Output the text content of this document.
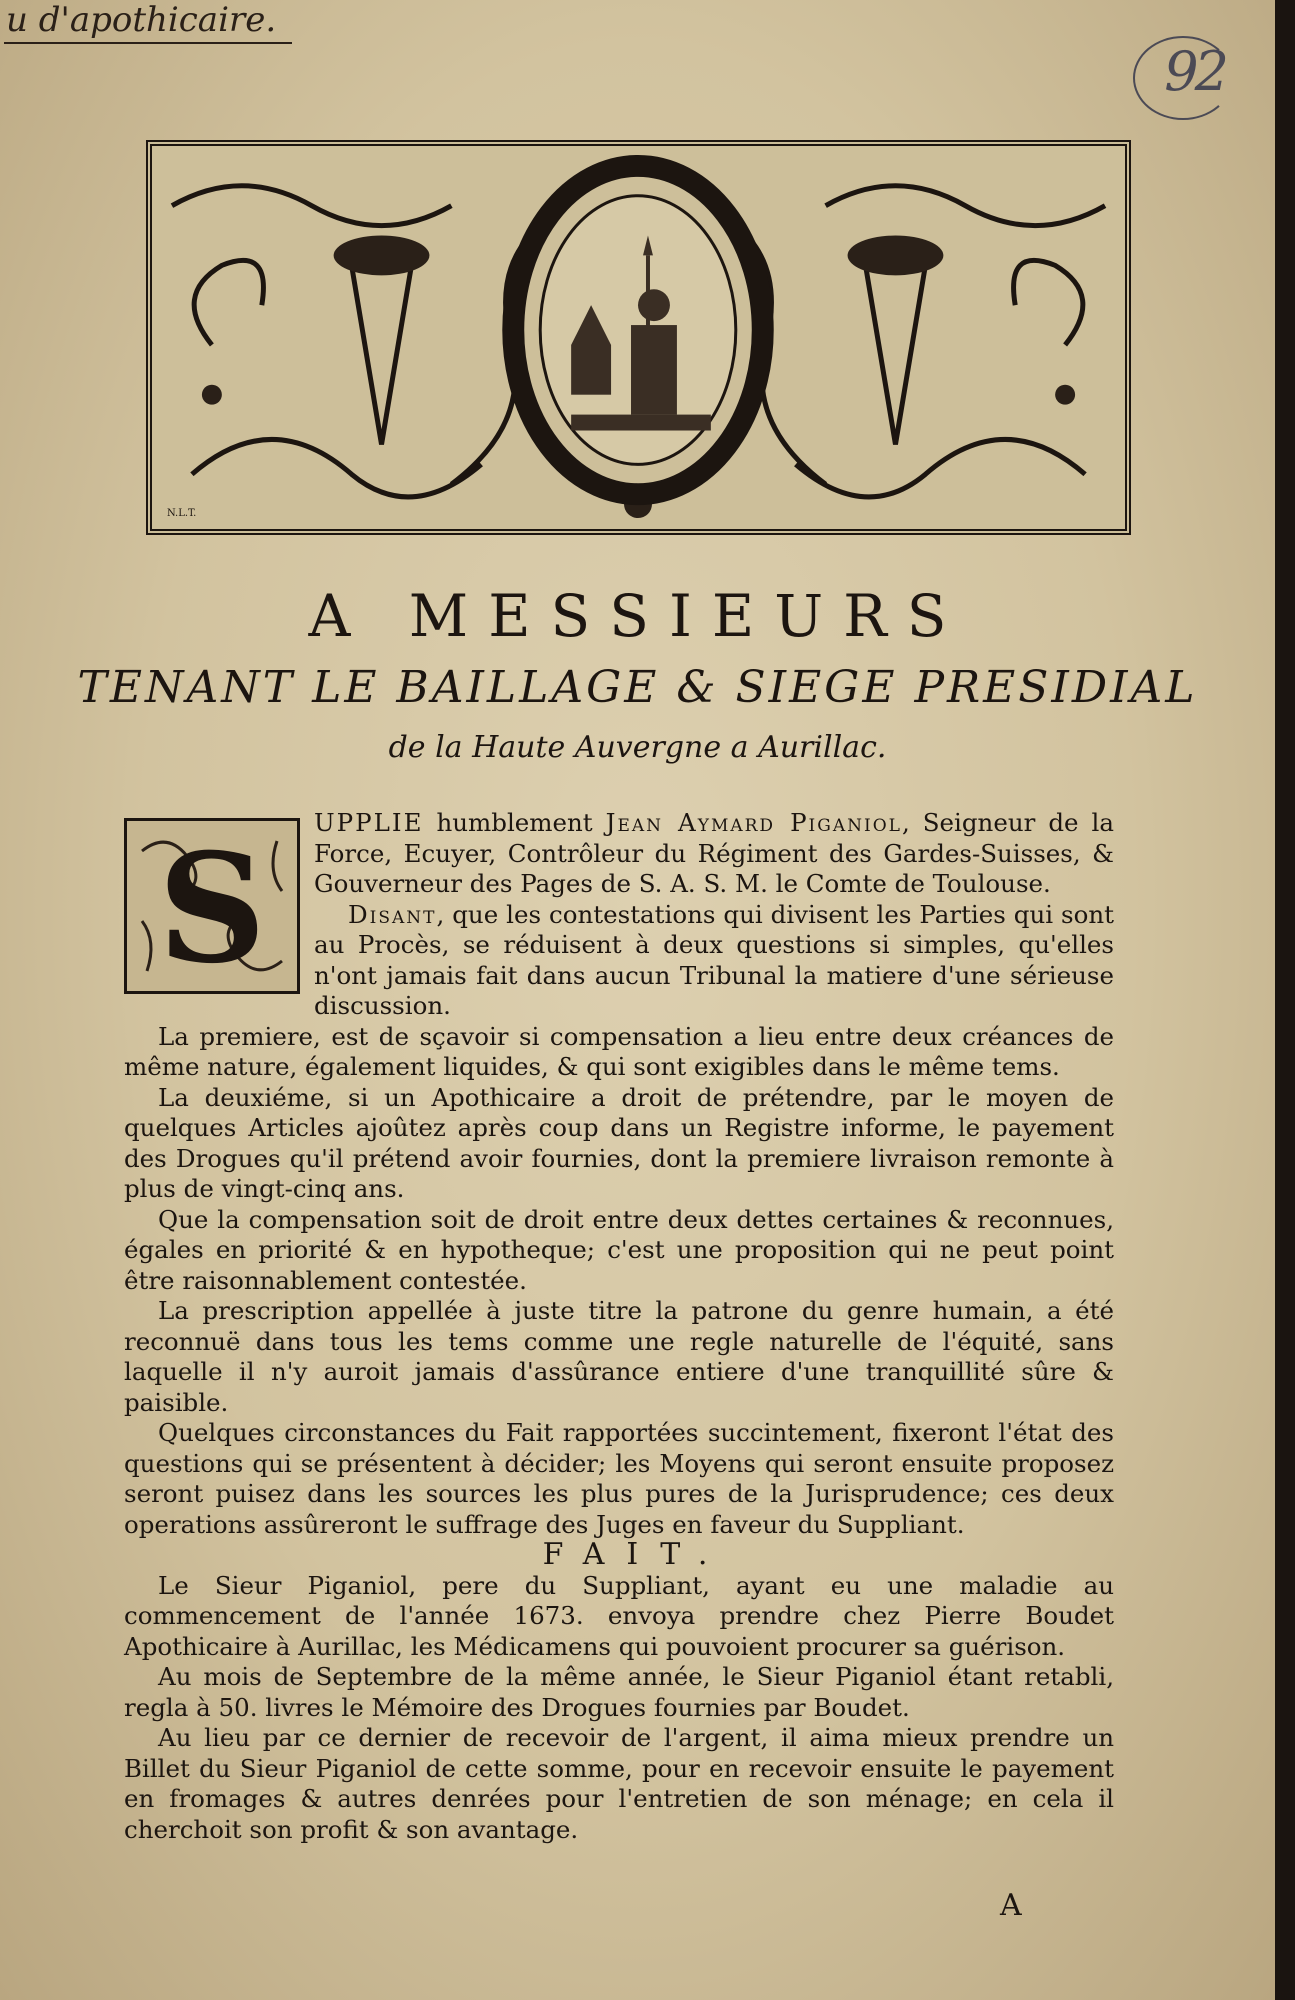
u d'apothicaire.
92
N.L.T.
A MESSIEURS
TENANT LE BAILLAGE & SIEGE PRESIDIAL
de la Haute Auvergne a Aurillac.
S	UPPLIE humblement Jean Aymard Piganiol, Seigneur de la Force, Ecuyer, Contrôleur du Régiment des Gardes-Suisses, & Gouverneur des Pages de S. A. S. M. le Comte de Toulouse.

Disant, que les contestations qui divisent les Parties qui sont au Procès, se réduisent à deux questions si simples, qu'elles n'ont jamais fait dans aucun Tribunal la matiere d'une sérieuse discussion.

La premiere, est de sçavoir si compensation a lieu entre deux créances de même nature, également liquides, & qui sont exigibles dans le même tems.

La deuxiéme, si un Apothicaire a droit de prétendre, par le moyen de quelques Articles ajoûtez après coup dans un Registre informe, le payement des Drogues qu'il prétend avoir fournies, dont la premiere livraison remonte à plus de vingt-cinq ans.

Que la compensation soit de droit entre deux dettes certaines & reconnues, égales en priorité & en hypotheque; c'est une proposition qui ne peut point être raisonnablement contestée.

La prescription appellée à juste titre la patrone du genre humain, a été reconnuë dans tous les tems comme une regle naturelle de l'équité, sans laquelle il n'y auroit jamais d'assûrance entiere d'une tranquillité sûre & paisible.

Quelques circonstances du Fait rapportées succintement, fixeront l'état des questions qui se présentent à décider; les Moyens qui seront ensuite proposez seront puisez dans les sources les plus pures de la Jurisprudence; ces deux operations assûreront le suffrage des Juges en faveur du Suppliant.

FAIT.

Le Sieur Piganiol, pere du Suppliant, ayant eu une maladie au commencement de l'année 1673. envoya prendre chez Pierre Boudet Apothicaire à Aurillac, les Médicamens qui pouvoient procurer sa guérison.

Au mois de Septembre de la même année, le Sieur Piganiol étant retabli, regla à 50. livres le Mémoire des Drogues fournies par Boudet.

Au lieu par ce dernier de recevoir de l'argent, il aima mieux prendre un Billet du Sieur Piganiol de cette somme, pour en recevoir ensuite le payement en fromages & autres denrées pour l'entretien de son ménage; en cela il cherchoit son profit & son avantage.

A
